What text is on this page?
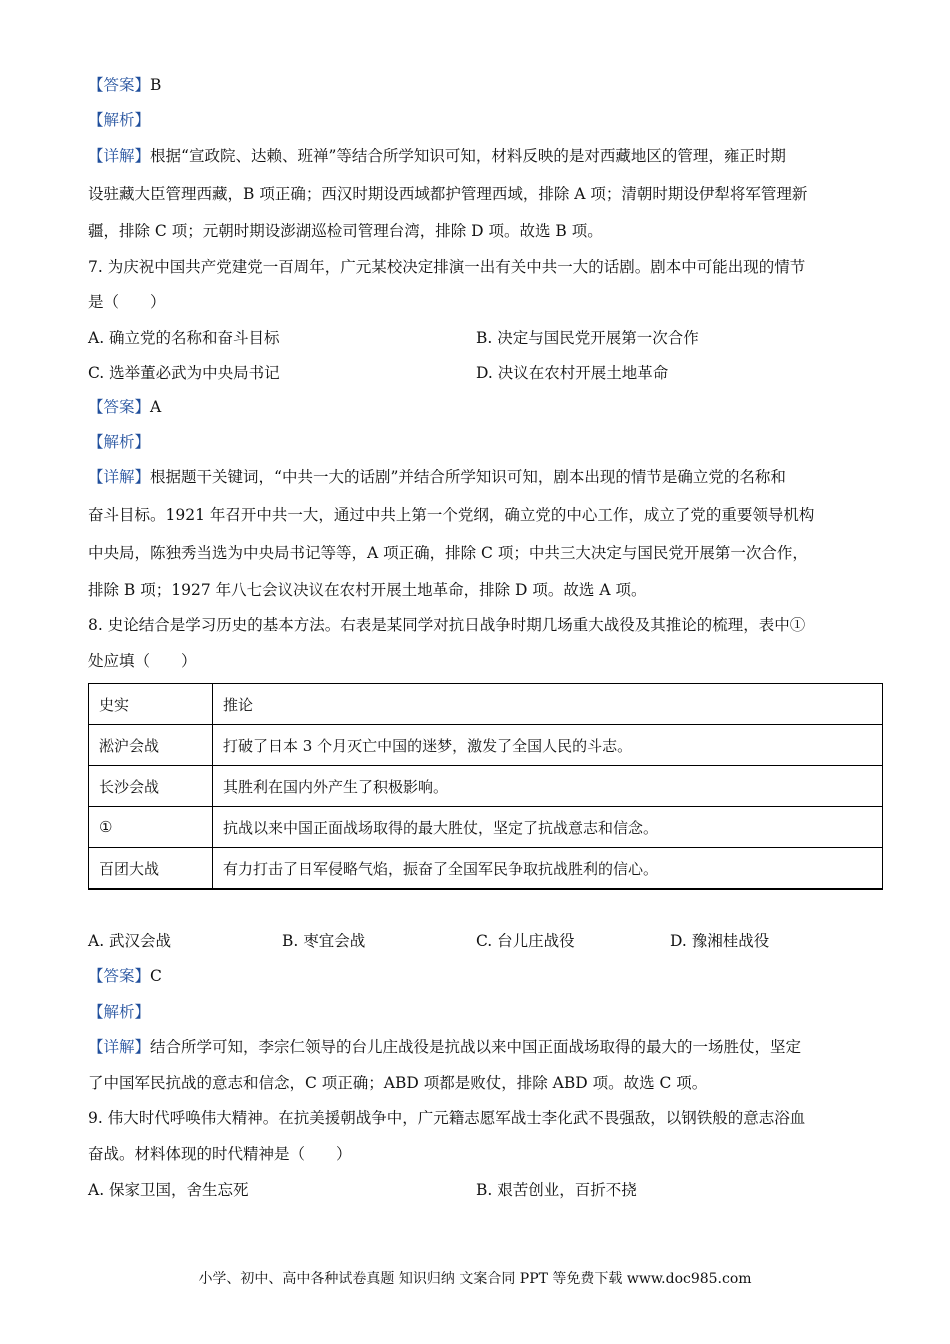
【答案】B
【解析】
【详解】根据“宣政院、达赖、班禅”等结合所学知识可知，材料反映的是对西藏地区的管理，雍正时期
设驻藏大臣管理西藏，B 项正确；西汉时期设西域都护管理西域，排除 A 项；清朝时期设伊犁将军管理新
疆，排除 C 项；元朝时期设澎湖巡检司管理台湾，排除 D 项。故选 B 项。
7. 为庆祝中国共产党建党一百周年，广元某校决定排演一出有关中共一大的话剧。剧本中可能出现的情节
是（　　）
A. 确立党的名称和奋斗目标	B. 决定与国民党开展第一次合作
C. 选举董必武为中央局书记	D. 决议在农村开展土地革命
【答案】A
【解析】
【详解】根据题干关键词，“中共一大的话剧”并结合所学知识可知，剧本出现的情节是确立党的名称和
奋斗目标。1921 年召开中共一大，通过中共上第一个党纲，确立党的中心工作，成立了党的重要领导机构
中央局，陈独秀当选为中央局书记等等，A 项正确，排除 C 项；中共三大决定与国民党开展第一次合作，
排除 B 项；1927 年八七会议决议在农村开展土地革命，排除 D 项。故选 A 项。
8. 史论结合是学习历史的基本方法。右表是某同学对抗日战争时期几场重大战役及其推论的梳理，表中①
处应填（　　）
史实	推论
淞沪会战	打破了日本 3 个月灭亡中国的迷梦，激发了全国人民的斗志。
长沙会战	其胜利在国内外产生了积极影响。
①	抗战以来中国正面战场取得的最大胜仗，坚定了抗战意志和信念。
百团大战	有力打击了日军侵略气焰，振奋了全国军民争取抗战胜利的信心。
A. 武汉会战	B. 枣宜会战	C. 台儿庄战役	D. 豫湘桂战役
【答案】C
【解析】
【详解】结合所学可知，李宗仁领导的台儿庄战役是抗战以来中国正面战场取得的最大的一场胜仗，坚定
了中国军民抗战的意志和信念，C 项正确；ABD 项都是败仗，排除 ABD 项。故选 C 项。
9. 伟大时代呼唤伟大精神。在抗美援朝战争中，广元籍志愿军战士李化武不畏强敌，以钢铁般的意志浴血
奋战。材料体现的时代精神是（　　）
A. 保家卫国，舍生忘死	B. 艰苦创业，百折不挠
小学、初中、高中各种试卷真题 知识归纳 文案合同 PPT 等免费下载 www.doc985.com
